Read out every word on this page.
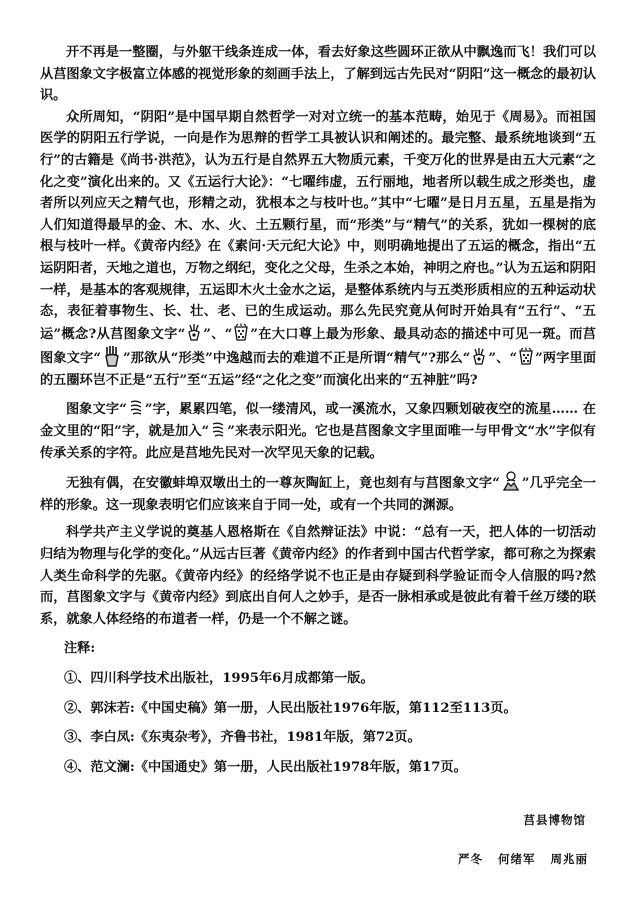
开不再是一整圈，与外躯干线条连成一体，看去好象这些圆环正欲从中飘逸而飞！我们可以从莒图象文字极富立体感的视觉形象的刻画手法上，了解到远古先民对“阴阳”这一概念的最初认识。

众所周知，“阴阳”是中国早期自然哲学一对对立统一的基本范畴，始见于《周易》。而祖国医学的阴阳五行学说，一向是作为思辩的哲学工具被认识和阐述的。最完整、最系统地谈到“五行”的古籍是《尚书·洪范》，认为五行是自然界五大物质元素，千变万化的世界是由五大元素“之化之变”演化出来的。又《五运行大论》：“七曜纬虚，五行丽地，地者所以载生成之形类也，虚者所以列应天之精气也，形精之动，犹根本之与枝叶也。”其中“七曜”是日月五星，五星是指为人们知道得最早的金、木、水、火、土五颗行星，而“形类”与“精气”的关系，犹如一棵树的底根与枝叶一样。《黄帝内经》在《素问·天元纪大论》中，则明确地提出了五运的概念，指出“五运阴阳者，天地之道也，万物之纲纪，变化之父母，生杀之本始，神明之府也。”认为五运和阴阳一样，是基本的客观规律，五运即木火土金水之运，是整体系统内与五类形质相应的五种运动状态，表征着事物生、长、壮、老、已的生成运动。那么先民究竟从何时开始具有“五行”、“五运”概念?从莒图象文字“ ”、“ ”在大口尊上最为形象、最具动态的描述中可见一斑。而莒图象文字“ ”那欲从“形类”中逸越而去的难道不正是所谓“精气”?那么“ ”、“ ”两字里面的五圈环岂不正是“五行”至“五运”经“之化之变”而演化出来的“五神脏”吗?

图象文字“ ”字，累累四笔，似一缕清风，或一溪流水，又象四颗划破夜空的流星…… 在金文里的“阳”字，就是加入“ ”来表示阳光。它也是莒图象文字里面唯一与甲骨文“水”字似有传承关系的字符。此应是莒地先民对一次罕见天象的记载。

无独有偶，在安徽蚌埠双墩出土的一尊灰陶缸上，竟也刻有与莒图象文字“ ”几乎完全一样的形象。这一现象表明它们应该来自于同一处，或有一个共同的渊源。

科学共产主义学说的奠基人恩格斯在《自然辩证法》中说：“总有一天，把人体的一切活动归结为物理与化学的变化。”从远古巨著《黄帝内经》的作者到中国古代哲学家，都可称之为探索人类生命科学的先驱。《黄帝内经》的经络学说不也正是由存疑到科学验证而令人信服的吗?然而，莒图象文字与《黄帝内经》到底出自何人之妙手，是否一脉相承或是彼此有着千丝万缕的联系，就象人体经络的布道者一样，仍是一个不解之谜。

注释:
①、四川科学技术出版社，1995年6月成都第一版。
②、郭沫若:《中国史稿》第一册，人民出版社1976年版，第112至113页。
③、李白凤:《东夷杂考》，齐鲁书社，1981年版，第72页。
④、范文澜:《中国通史》第一册，人民出版社1978年版，第17页。
莒县博物馆
严冬 何绪军 周兆丽
